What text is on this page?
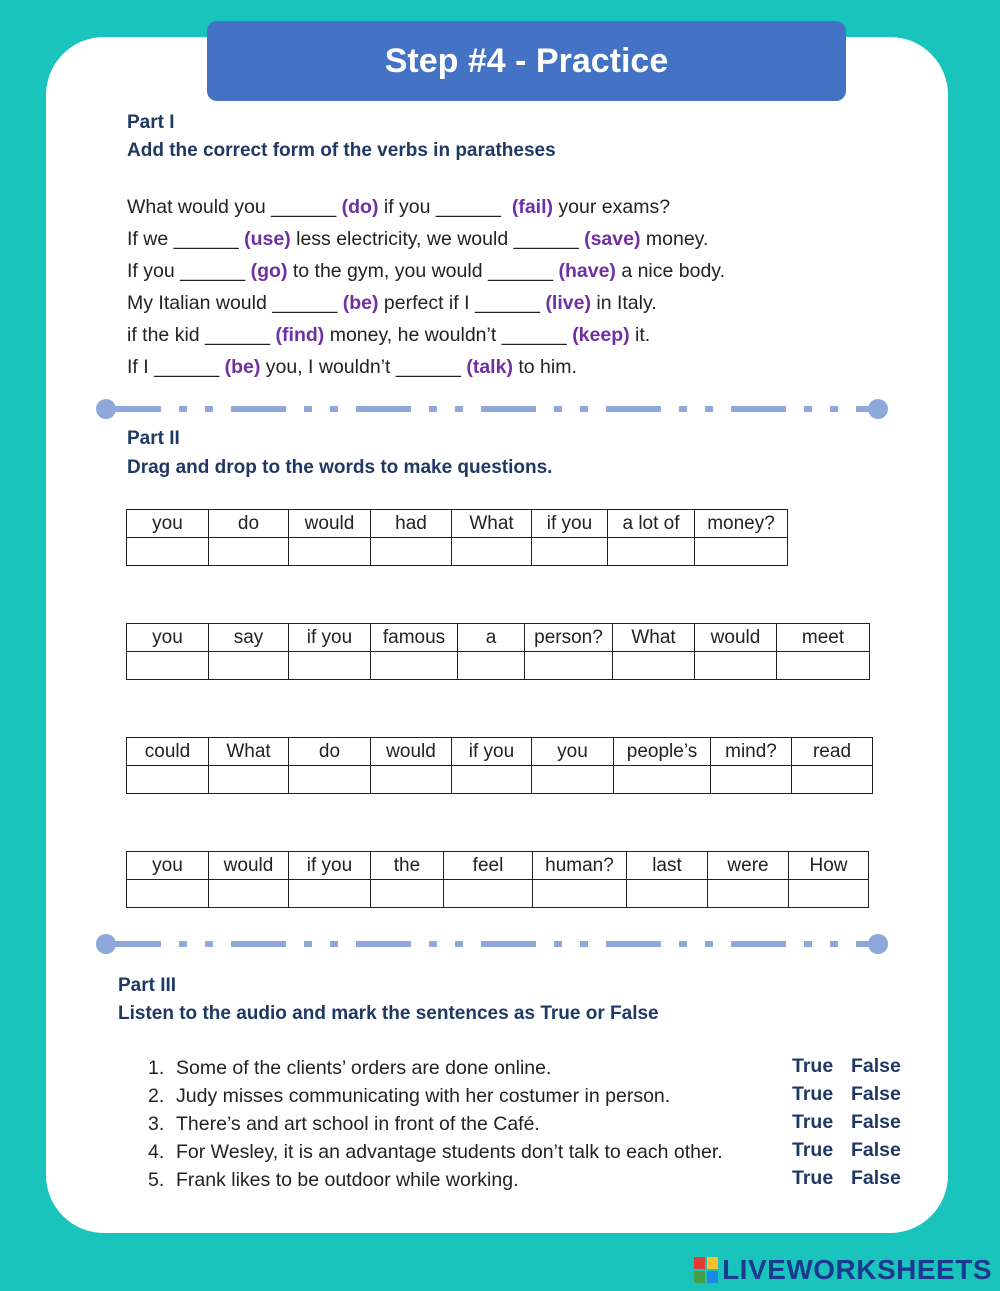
Step #4 - Practice
Part I
Add the correct form of the verbs in paratheses
What would you ______ (do) if you ______ (fail) your exams?
If we ______ (use) less electricity, we would ______ (save) money.
If you ______ (go) to the gym, you would ______ (have) a nice body.
My Italian would ______ (be) perfect if I ______ (live) in Italy.
if the kid ______ (find) money, he wouldn’t ______ (keep) it.
If I ______ (be) you, I wouldn’t ______ (talk) to him.
Part II
Drag and drop to the words to make questions.
you	do	would	had	What	if you	a lot of	money?

you	say	if you	famous	a	person?	What	would	meet

could	What	do	would	if you	you	people’s	mind?	read

you	would	if you	the	feel	human?	last	were	How

Part III
Listen to the audio and mark the sentences as True or False
1. Some of the clients’ orders are done online.	True False
2. Judy misses communicating with her costumer in person.	True False
3. There’s and art school in front of the Café.	True False
4. For Wesley, it is an advantage students don’t talk to each other.	True False
5. Frank likes to be outdoor while working.	True False
LIVEWORKSHEETS
